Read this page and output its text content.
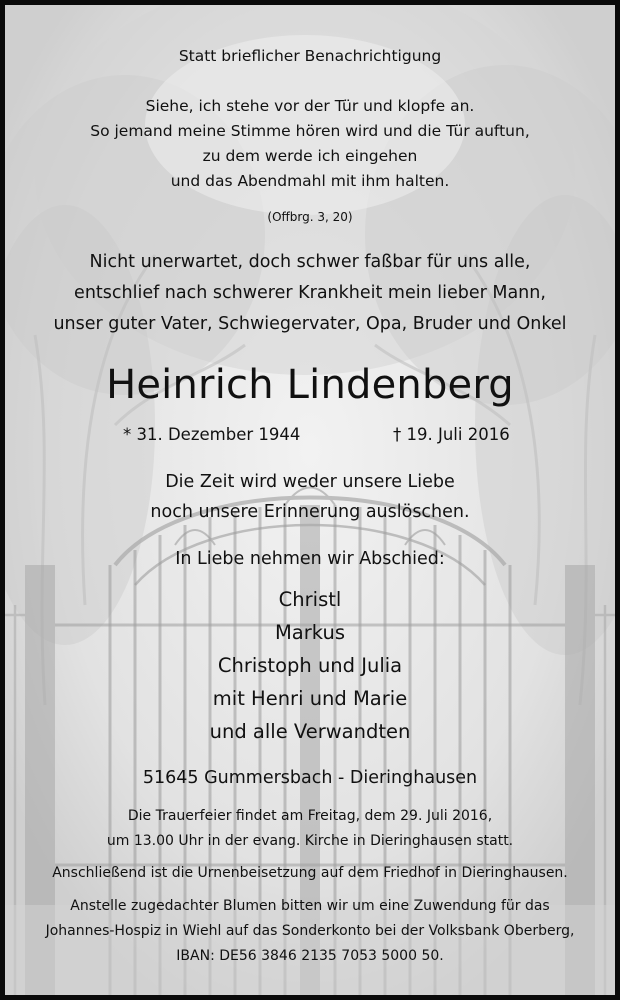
Statt brieflicher Benachrichtigung
Siehe, ich stehe vor der Tür und klopfe an.
So jemand meine Stimme hören wird und die Tür auftun,
zu dem werde ich eingehen
und das Abendmahl mit ihm halten.
(Offbrg. 3, 20)
Nicht unerwartet, doch schwer faßbar für uns alle,
entschlief nach schwerer Krankheit mein lieber Mann,
unser guter Vater, Schwiegervater, Opa, Bruder und Onkel
Heinrich Lindenberg
* 31. Dezember 1944	† 19. Juli 2016
Die Zeit wird weder unsere Liebe
noch unsere Erinnerung auslöschen.
In Liebe nehmen wir Abschied:
Christl
Markus
Christoph und Julia
mit Henri und Marie
und alle Verwandten
51645 Gummersbach - Dieringhausen
Die Trauerfeier findet am Freitag, dem 29. Juli 2016,
um 13.00 Uhr in der evang. Kirche in Dieringhausen statt.
Anschließend ist die Urnenbeisetzung auf dem Friedhof in Dieringhausen.
Anstelle zugedachter Blumen bitten wir um eine Zuwendung für das
Johannes-Hospiz in Wiehl auf das Sonderkonto bei der Volksbank Oberberg,
IBAN: DE56 3846 2135 7053 5000 50.
